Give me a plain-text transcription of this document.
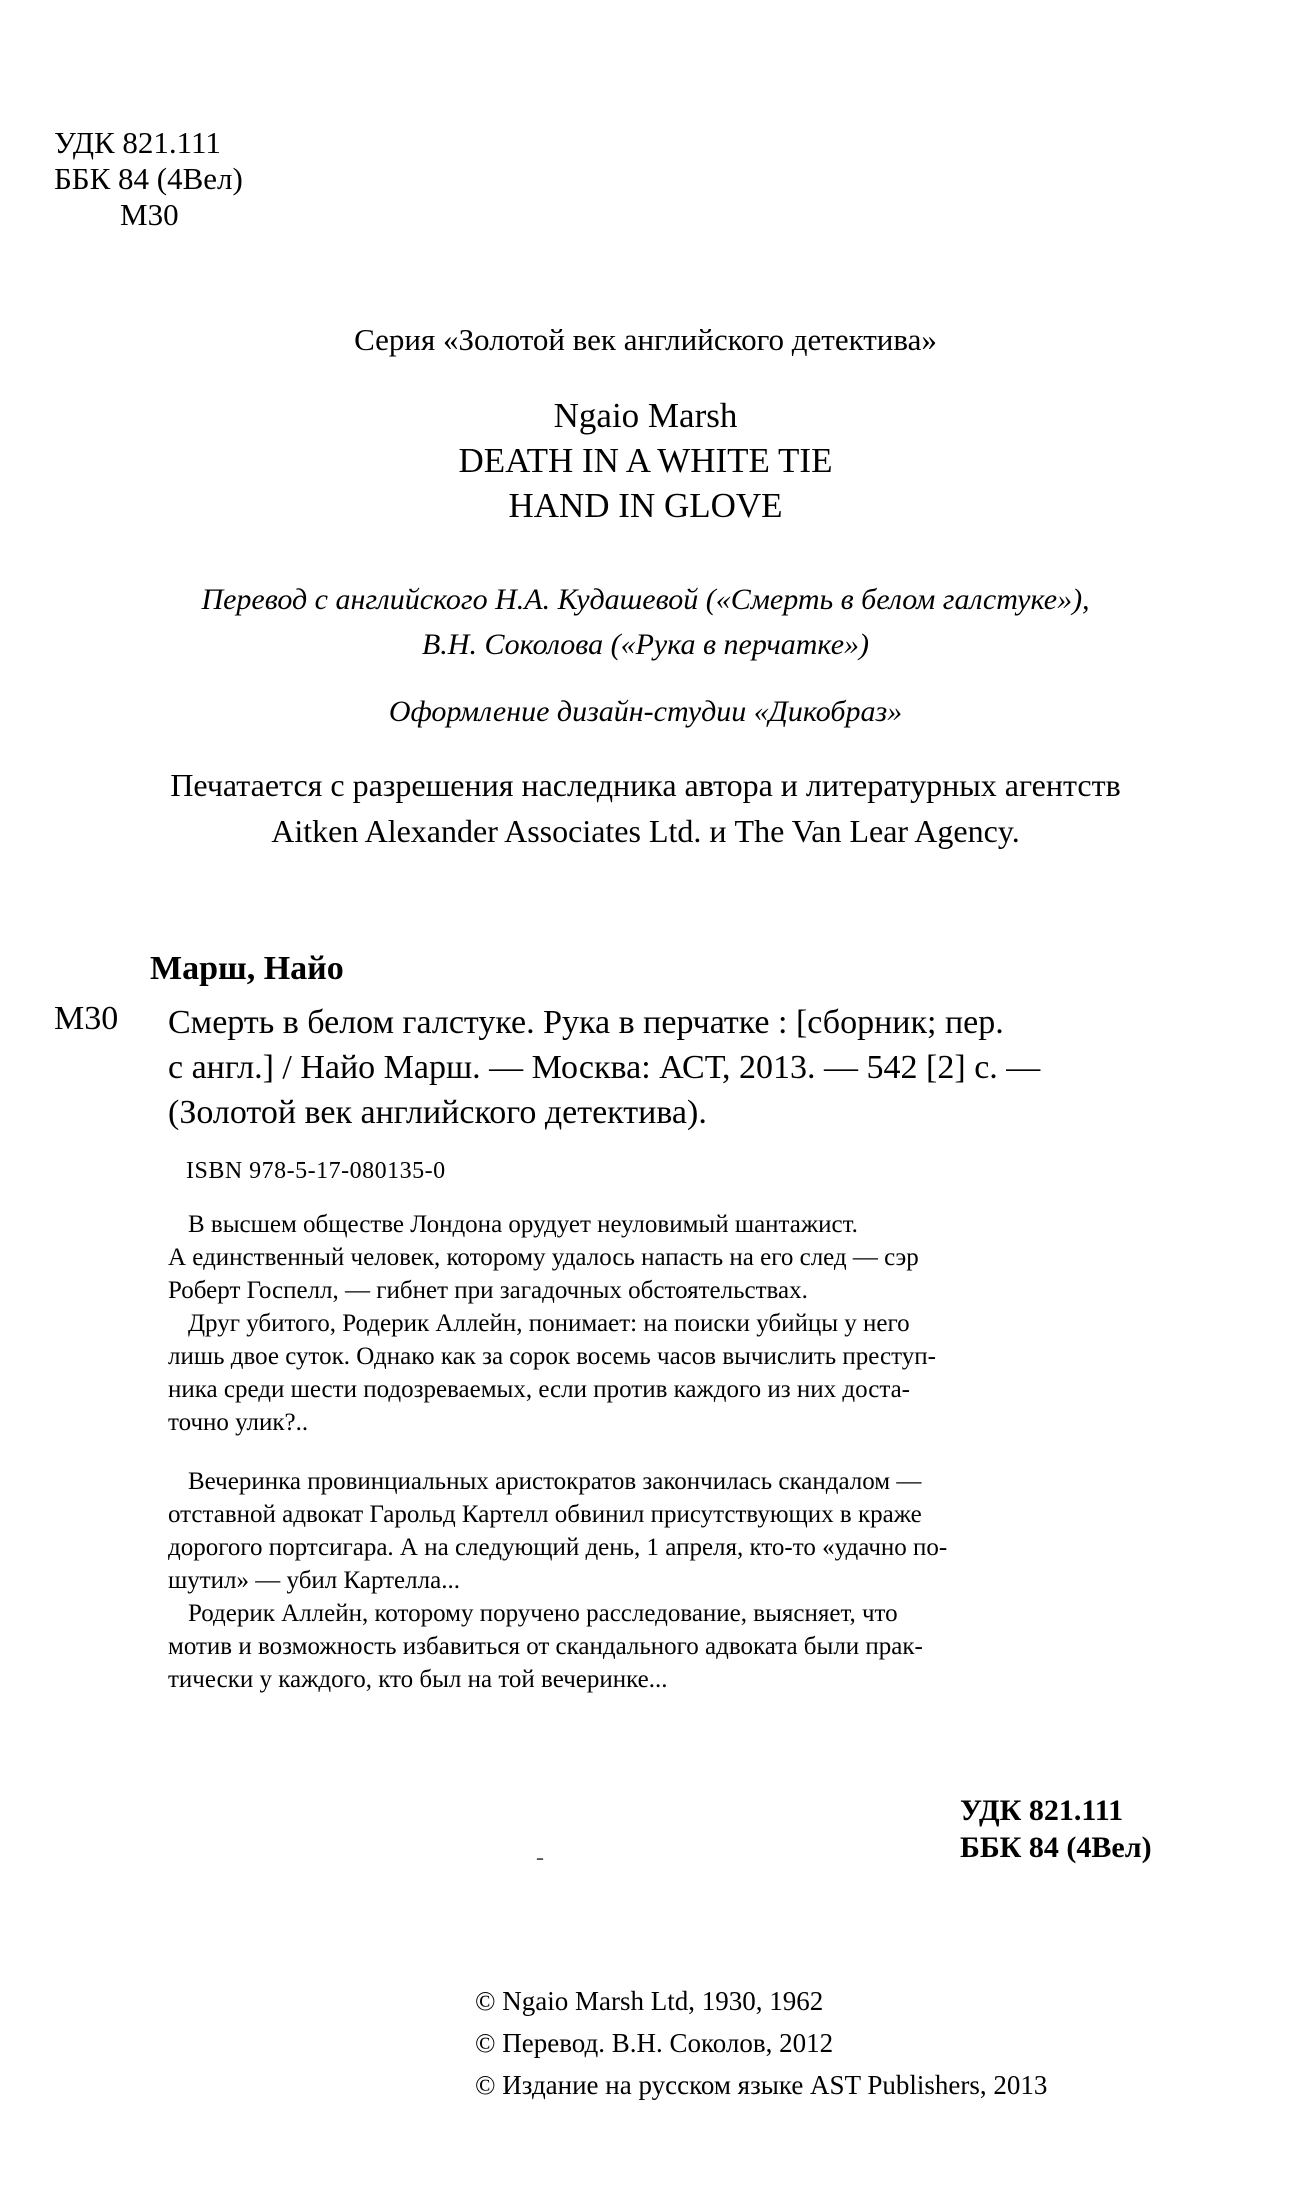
УДК 821.111
ББК 84 (4Вел)
М30
Серия «Золотой век английского детектива»
Ngaio Marsh
DEATH IN A WHITE TIE
HAND IN GLOVE
Перевод с английского Н.А. Кудашевой («Смерть в белом галстуке»),
В.Н. Соколова («Рука в перчатке»)
Оформление дизайн-студии «Дикобраз»
Печатается с разрешения наследника автора и литературных агентств
Aitken Alexander Associates Ltd. и The Van Lear Agency.
Марш, Найо
М30 Смерть в белом галстуке. Рука в перчатке : [сборник; пер.
с англ.] / Найо Марш. — Москва: АСТ, 2013. — 542 [2] с. —
(Золотой век английского детектива).
ISBN 978-5-17-080135-0

В высшем обществе Лондона орудует неуловимый шантажист.
А единственный человек, которому удалось напасть на его след — сэр
Роберт Госпелл, — гибнет при загадочных обстоятельствах.

Друг убитого, Родерик Аллейн, понимает: на поиски убийцы у него
лишь двое суток. Однако как за сорок восемь часов вычислить преступ-
ника среди шести подозреваемых, если против каждого из них доста-
точно улик?..

Вечеринка провинциальных аристократов закончилась скандалом —
отставной адвокат Гарольд Картелл обвинил присутствующих в краже
дорогого портсигара. А на следующий день, 1 апреля, кто-то «удачно по-
шутил» — убил Картелла...

Родерик Аллейн, которому поручено расследование, выясняет, что
мотив и возможность избавиться от скандального адвоката были прак-
тически у каждого, кто был на той вечеринке...

УДК 821.111
ББК 84 (4Вел)
-
© Ngaio Marsh Ltd, 1930, 1962
© Перевод. В.Н. Соколов, 2012
© Издание на русском языке AST Publishers, 2013
